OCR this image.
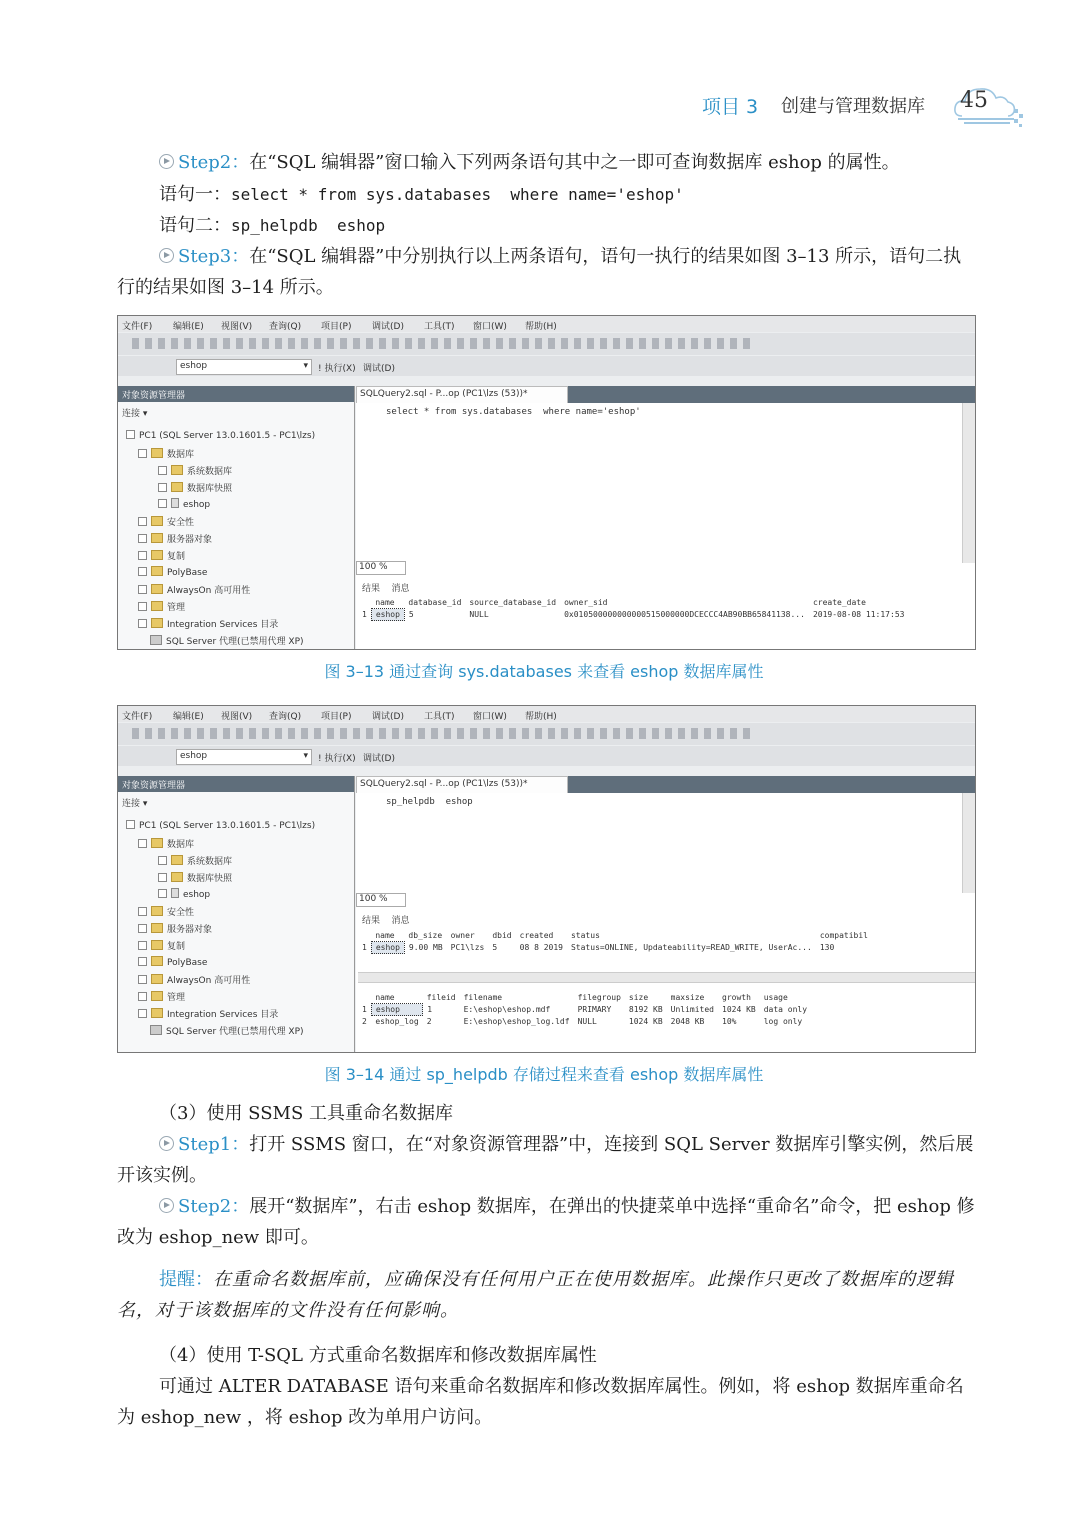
项目 3 创建与管理数据库 45
Step2：在“SQL 编辑器”窗口输入下列两条语句其中之一即可查询数据库 eshop 的属性。
语句一：select * from sys.databases  where name='eshop'
语句二：sp_helpdb  eshop
Step3：在“SQL 编辑器”中分别执行以上两条语句，语句一执行的结果如图 3–13 所示，语句二执行的结果如图 3–14 所示。
文件(F) 编辑(E) 视图(V) 查询(Q) 项目(P) 调试(D) 工具(T) 窗口(W) 帮助(H)
eshop	▾ ! 执行(X) 调试(D)
对象资源管理器
连接 ▾
PC1 (SQL Server 13.0.1601.5 - PC1\lzs)
数据库
系统数据库
数据库快照
eshop
安全性
服务器对象
复制
PolyBase
AlwaysOn 高可用性
管理
Integration Services 目录
SQL Server 代理(已禁用代理 XP)
SQLQuery2.sql - P...op (PC1\lzs (53))*
select * from sys.databases  where name='eshop'
100 %
结果 消息
	name	database_id	source_database_id	owner_sid	create_date
1	eshop	5	NULL	0x010500000000000515000000DCECCC4AB90BB65841138...	2019-08-08 11:17:53
图 3–13 通过查询 sys.databases 来查看 eshop 数据库属性
文件(F) 编辑(E) 视图(V) 查询(Q) 项目(P) 调试(D) 工具(T) 窗口(W) 帮助(H)
eshop	▾ ! 执行(X) 调试(D)
对象资源管理器
连接 ▾
PC1 (SQL Server 13.0.1601.5 - PC1\lzs)
数据库
系统数据库
数据库快照
eshop
安全性
服务器对象
复制
PolyBase
AlwaysOn 高可用性
管理
Integration Services 目录
SQL Server 代理(已禁用代理 XP)
SQLQuery2.sql - P...op (PC1\lzs (53))*
sp_helpdb  eshop
100 %
结果 消息
	name	db_size	owner	dbid	created	status	compatibil
1	eshop	9.00 MB	PC1\lzs	5	08 8 2019	Status=ONLINE, Updateability=READ_WRITE, UserAc...	130
	name	fileid	filename	filegroup	size	maxsize	growth	usage
1	eshop	1	E:\eshop\eshop.mdf	PRIMARY	8192 KB	Unlimited	1024 KB	data only
2	eshop_log	2	E:\eshop\eshop_log.ldf	NULL	1024 KB	2048 KB	10%	log only
图 3–14 通过 sp_helpdb 存储过程来查看 eshop 数据库属性
（3）使用 SSMS 工具重命名数据库
Step1：打开 SSMS 窗口，在“对象资源管理器”中，连接到 SQL Server 数据库引擎实例，然后展开该实例。
Step2：展开“数据库”，右击 eshop 数据库，在弹出的快捷菜单中选择“重命名”命令，把 eshop 修改为 eshop_new 即可。
提醒：在重命名数据库前，应确保没有任何用户正在使用数据库。此操作只更改了数据库的逻辑名，对于该数据库的文件没有任何影响。
（4）使用 T-SQL 方式重命名数据库和修改数据库属性
可通过 ALTER DATABASE 语句来重命名数据库和修改数据库属性。例如，将 eshop 数据库重命名为 eshop_new ，将 eshop 改为单用户访问。
